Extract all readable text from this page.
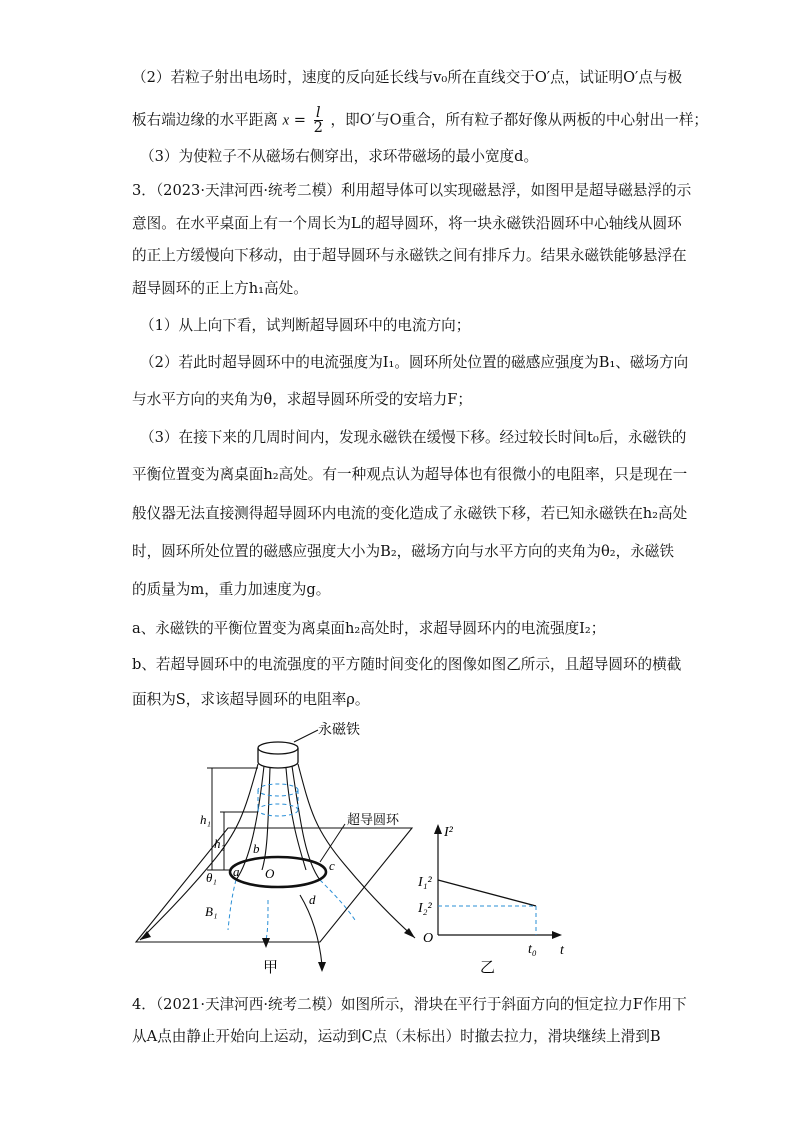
（2）若粒子射出电场时，速度的反向延长线与v₀所在直线交于O′点，试证明O′点与极
板右端边缘的水平距离 $x = \frac{l}{2}$ ，即O′与O重合，所有粒子都好像从两板的中心射出一样；
（3）为使粒子不从磁场右侧穿出，求环带磁场的最小宽度d。
3．（2023·天津河西·统考二模）利用超导体可以实现磁悬浮，如图甲是超导磁悬浮的示
意图。在水平桌面上有一个周长为L的超导圆环，将一块永磁铁沿圆环中心轴线从圆环
的正上方缓慢向下移动，由于超导圆环与永磁铁之间有排斥力。结果永磁铁能够悬浮在
超导圆环的正上方h₁高处。
（1）从上向下看，试判断超导圆环中的电流方向；
（2）若此时超导圆环中的电流强度为I₁。圆环所处位置的磁感应强度为B₁、磁场方向
与水平方向的夹角为θ，求超导圆环所受的安培力F；
（3）在接下来的几周时间内，发现永磁铁在缓慢下移。经过较长时间t₀后，永磁铁的
平衡位置变为离桌面h₂高处。有一种观点认为超导体也有很微小的电阻率，只是现在一
般仪器无法直接测得超导圆环内电流的变化造成了永磁铁下移，若已知永磁铁在h₂高处
时，圆环所处位置的磁感应强度大小为B₂，磁场方向与水平方向的夹角为θ₂，永磁铁
的质量为m，重力加速度为g。
a、永磁铁的平衡位置变为离桌面h₂高处时，求超导圆环内的电流强度I₂；
b、若超导圆环中的电流强度的平方随时间变化的图像如图乙所示，且超导圆环的横截
面积为S，求该超导圆环的电阻率ρ。
永磁铁
超导圆环
h₁
h₂
θ₁ a
b
c
d
O
B₁
甲
I²
t
O
I₁²
I₂²
t₀
乙
4．（2021·天津河西·统考二模）如图所示，滑块在平行于斜面方向的恒定拉力F作用下
从A点由静止开始向上运动，运动到C点（未标出）时撤去拉力，滑块继续上滑到B
